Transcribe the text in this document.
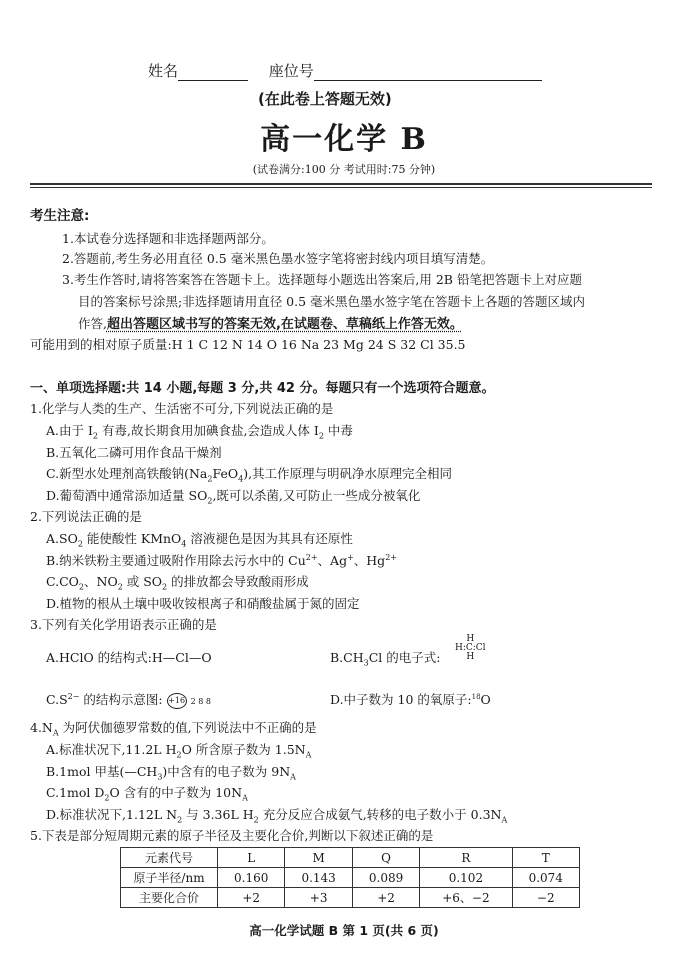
姓名	座位号
(在此卷上答题无效)
高一化学 B
(试卷满分:100 分 考试用时:75 分钟)
考生注意:
1.本试卷分选择题和非选择题两部分。
2.答题前,考生务必用直径 0.5 毫米黑色墨水签字笔将密封线内项目填写清楚。
3.考生作答时,请将答案答在答题卡上。选择题每小题选出答案后,用 2B 铅笔把答题卡上对应题
目的答案标号涂黑;非选择题请用直径 0.5 毫米黑色墨水签字笔在答题卡上各题的答题区域内
作答,超出答题区域书写的答案无效,在试题卷、草稿纸上作答无效。
可能用到的相对原子质量:H 1 C 12 N 14 O 16 Na 23 Mg 24 S 32 Cl 35.5
一、单项选择题:共 14 小题,每题 3 分,共 42 分。每题只有一个选项符合题意。
1.化学与人类的生产、生活密不可分,下列说法正确的是
A.由于 $I_2$ 有毒,故长期食用加碘食盐,会造成人体 $I_2$ 中毒
B.五氧化二磷可用作食品干燥剂
C.新型水处理剂高铁酸钠$(Na_2FeO_4)$,其工作原理与明矾净水原理完全相同
D.葡萄酒中通常添加适量 $SO_2$,既可以杀菌,又可防止一些成分被氧化
2.下列说法正确的是
$A.SO_2$ 能使酸性 KMnO$_4$ 溶液褪色是因为其具有还原性
B.纳米铁粉主要通过吸附作用除去污水中的 $Cu^{2+}$、Ag+、$Hg^{2+}$
$C.CO_2$、$NO_2$ 或 $SO_2$ 的排放都会导致酸雨形成
D.植物的根从土壤中吸收铵根离子和硝酸盐属于氮的固定
3.下列有关化学用语表示正确的是
A.HClO 的结构式:H—Cl—O	$B.CH_3Cl$ 的电子式:
H
H:C:Cl
H
$C.S^{2-}$ 的结构示意图: +16 2 8 8	D.中子数为 10 的氧原子:$^{18}$O
$4.N_A$ 为阿伏伽德罗常数的值,下列说法中不正确的是
A.标准状况下,11.2L $H_2O$ 所含原子数为 $1.5N_A$
B.1mol 甲基$(—CH_3)$中含有的电子数为 $9N_A$
C.1mol $D_2O$ 含有的中子数为 $10N_A$
D.标准状况下,1.12L $N_2$ 与 3.36L $H_2$ 充分反应合成氨气,转移的电子数小于 $0.3N_A$
5.下表是部分短周期元素的原子半径及主要化合价,判断以下叙述正确的是
元素代号	L	M	Q	R	T
原子半径/nm	0.160	0.143	0.089	0.102	0.074
主要化合价	+2	+3	+2	+6、−2	−2
高一化学试题 B 第 1 页(共 6 页)
